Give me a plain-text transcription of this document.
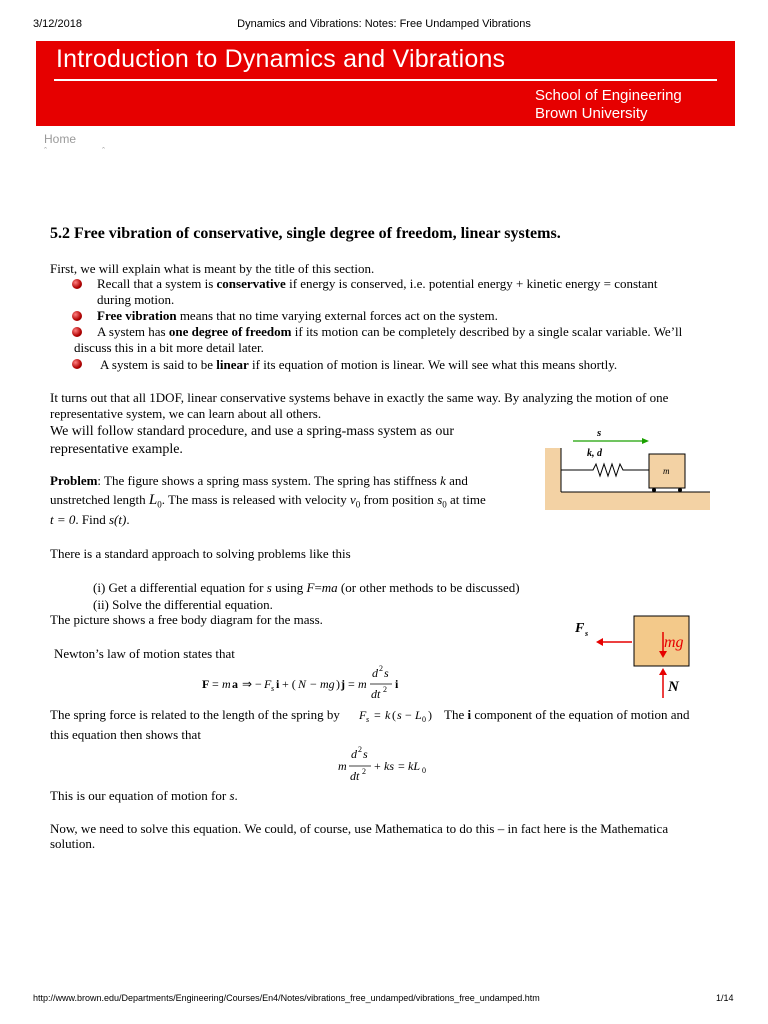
3/12/2018	Dynamics and Vibrations: Notes: Free Undamped Vibrations
Introduction to Dynamics and Vibrations
School of Engineering
Brown University
Home
ˆ                      ˆ
5.2 Free vibration of conservative, single degree of freedom, linear systems.
First, we will explain what is meant by the title of this section.
Recall that a system is conservative if energy is conserved, i.e. potential energy + kinetic energy = constant
during motion.
Free vibration means that no time varying external forces act on the system.
A system has one degree of freedom if its motion can be completely described by a single scalar variable. We’ll
discuss this in a bit more detail later.
A system is said to be linear if its equation of motion is linear. We will see what this means shortly.
It turns out that all 1DOF, linear conservative systems behave in exactly the same way. By analyzing the motion of one
representative system, we can learn about all others.
We will follow standard procedure, and use a spring-mass system as our
representative example.
Problem: The figure shows a spring mass system. The spring has stiffness k and
unstretched length $L_0$. The mass is released with velocity $v_0$ from position $s_0$ at time
t = 0. Find s(t).
There is a standard approach to solving problems like this
(i) Get a differential equation for s using F=ma (or other methods to be discussed)
(ii) Solve the differential equation.
The picture shows a free body diagram for the mass.
Newton’s law of motion states that
F = m a ⇒ − F s i + ( N − mg ) j = m
d 2 s
dt 2 i
The spring force is related to the length of the spring by F s = k ( s − L 0 ) The i component of the equation of motion and
this equation then shows that
m
d 2 s
dt 2 + ks = kL 0
This is our equation of motion for s.
Now, we need to solve this equation. We could, of course, use Mathematica to do this – in fact here is the Mathematica
solution.
s
k, d
m
F s
mg
N
http://www.brown.edu/Departments/Engineering/Courses/En4/Notes/vibrations_free_undamped/vibrations_free_undamped.htm	1/14
